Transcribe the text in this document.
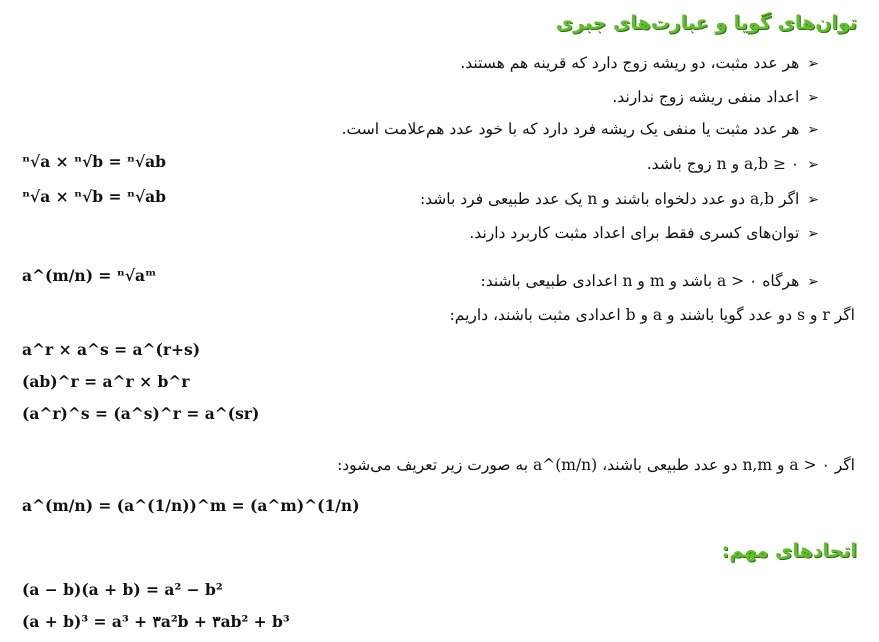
توان‌های گویا و عبارت‌های جبری
➢هر عدد مثبت، دو ریشه زوج دارد که قرینه هم هستند.
➢اعداد منفی ریشه زوج ندارند.
➢هر عدد مثبت یا منفی یک ریشه فرد دارد که با خود عدد هم‌علامت است.
➢a,b ≥ ۰ و n زوج باشد.
ⁿ√a × ⁿ√b = ⁿ√ab
➢اگر a,b دو عدد دلخواه باشند و n یک عدد طبیعی فرد باشد:
ⁿ√a × ⁿ√b = ⁿ√ab
➢توان‌های کسری فقط برای اعداد مثبت کاربرد دارند.
➢هرگاه a > ۰ باشد و m و n اعدادی طبیعی باشند:
a^(m/n) = ⁿ√aᵐ
اگر r و s دو عدد گویا باشند و a و b اعدادی مثبت باشند، داریم:
a^r × a^s = a^(r+s)
(ab)^r = a^r × b^r
(a^r)^s = (a^s)^r = a^(sr)
اگر a > ۰ و n,m دو عدد طبیعی باشند، a^(m/n) به صورت زیر تعریف می‌شود:
a^(m/n) = (a^(1/n))^m = (a^m)^(1/n)
اتحادهای مهم:
(a − b)(a + b) = a² − b²
(a + b)³ = a³ + ۳a²b + ۳ab² + b³
